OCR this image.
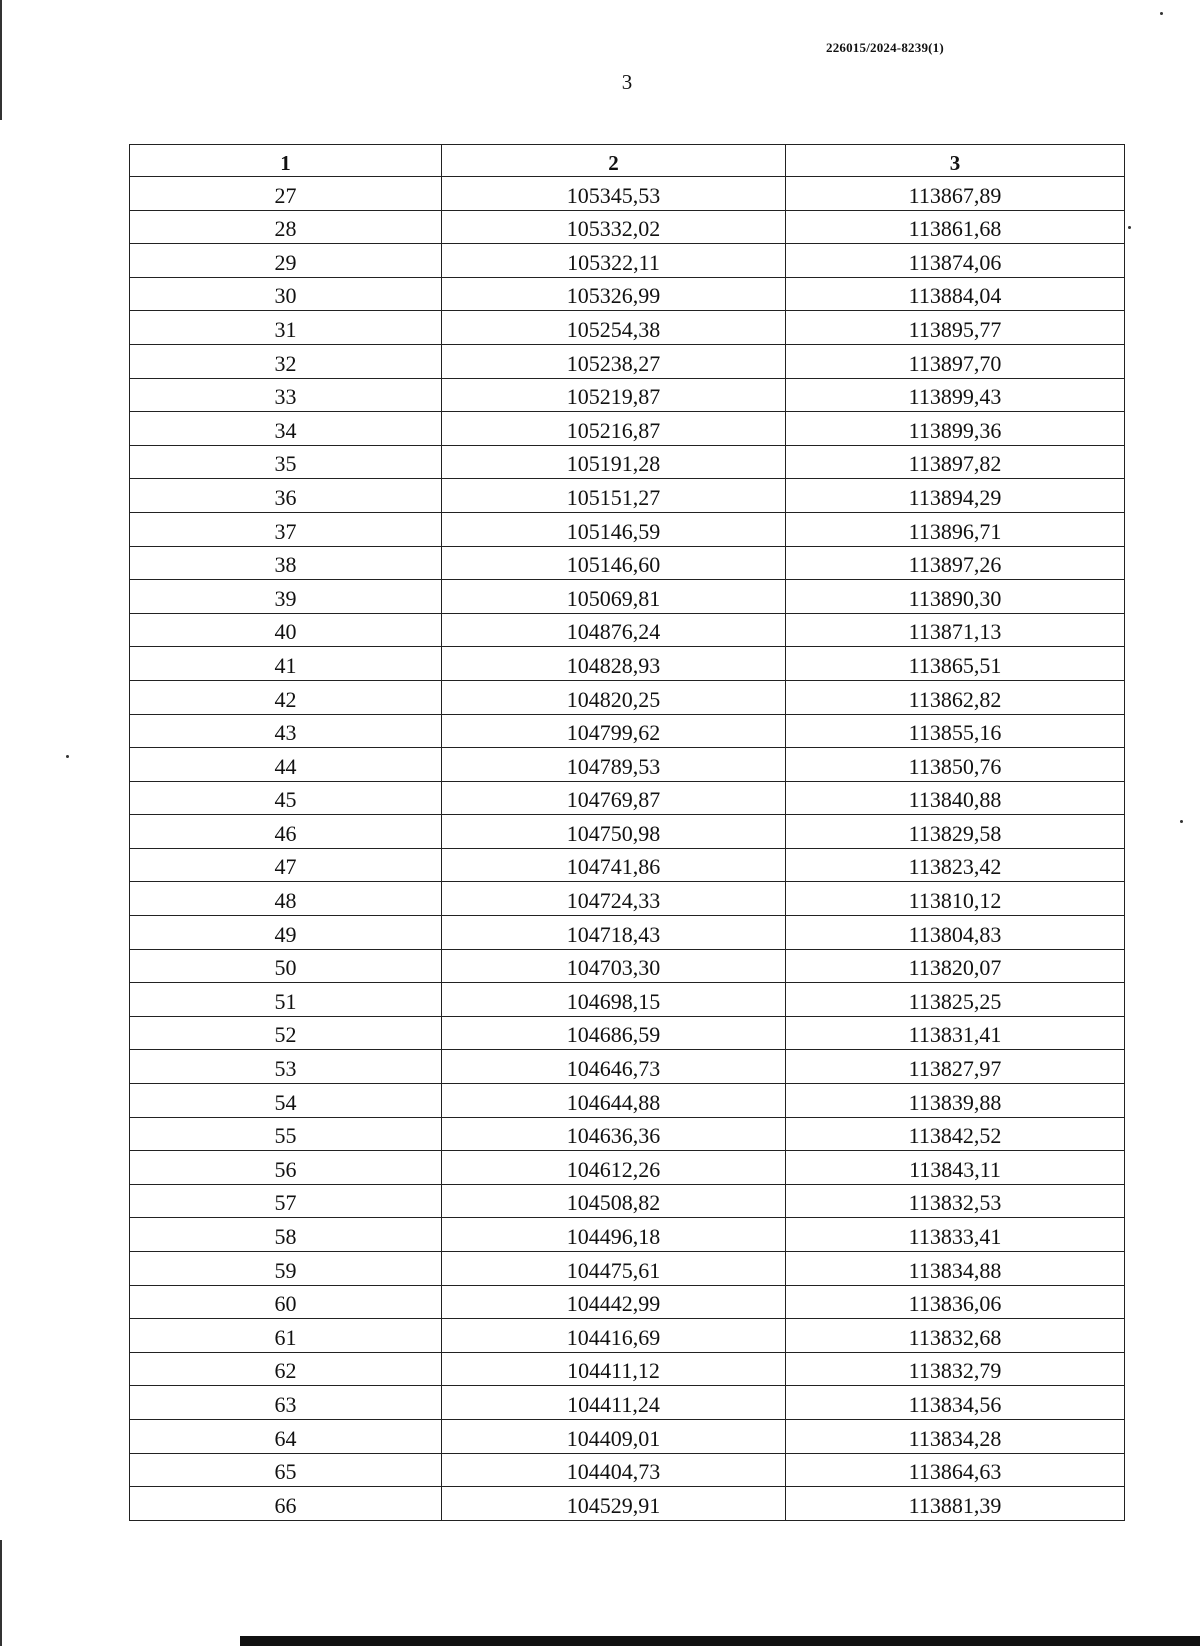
226015/2024-8239(1)
3
1	2	3
27	105345,53	113867,89
28	105332,02	113861,68
29	105322,11	113874,06
30	105326,99	113884,04
31	105254,38	113895,77
32	105238,27	113897,70
33	105219,87	113899,43
34	105216,87	113899,36
35	105191,28	113897,82
36	105151,27	113894,29
37	105146,59	113896,71
38	105146,60	113897,26
39	105069,81	113890,30
40	104876,24	113871,13
41	104828,93	113865,51
42	104820,25	113862,82
43	104799,62	113855,16
44	104789,53	113850,76
45	104769,87	113840,88
46	104750,98	113829,58
47	104741,86	113823,42
48	104724,33	113810,12
49	104718,43	113804,83
50	104703,30	113820,07
51	104698,15	113825,25
52	104686,59	113831,41
53	104646,73	113827,97
54	104644,88	113839,88
55	104636,36	113842,52
56	104612,26	113843,11
57	104508,82	113832,53
58	104496,18	113833,41
59	104475,61	113834,88
60	104442,99	113836,06
61	104416,69	113832,68
62	104411,12	113832,79
63	104411,24	113834,56
64	104409,01	113834,28
65	104404,73	113864,63
66	104529,91	113881,39
